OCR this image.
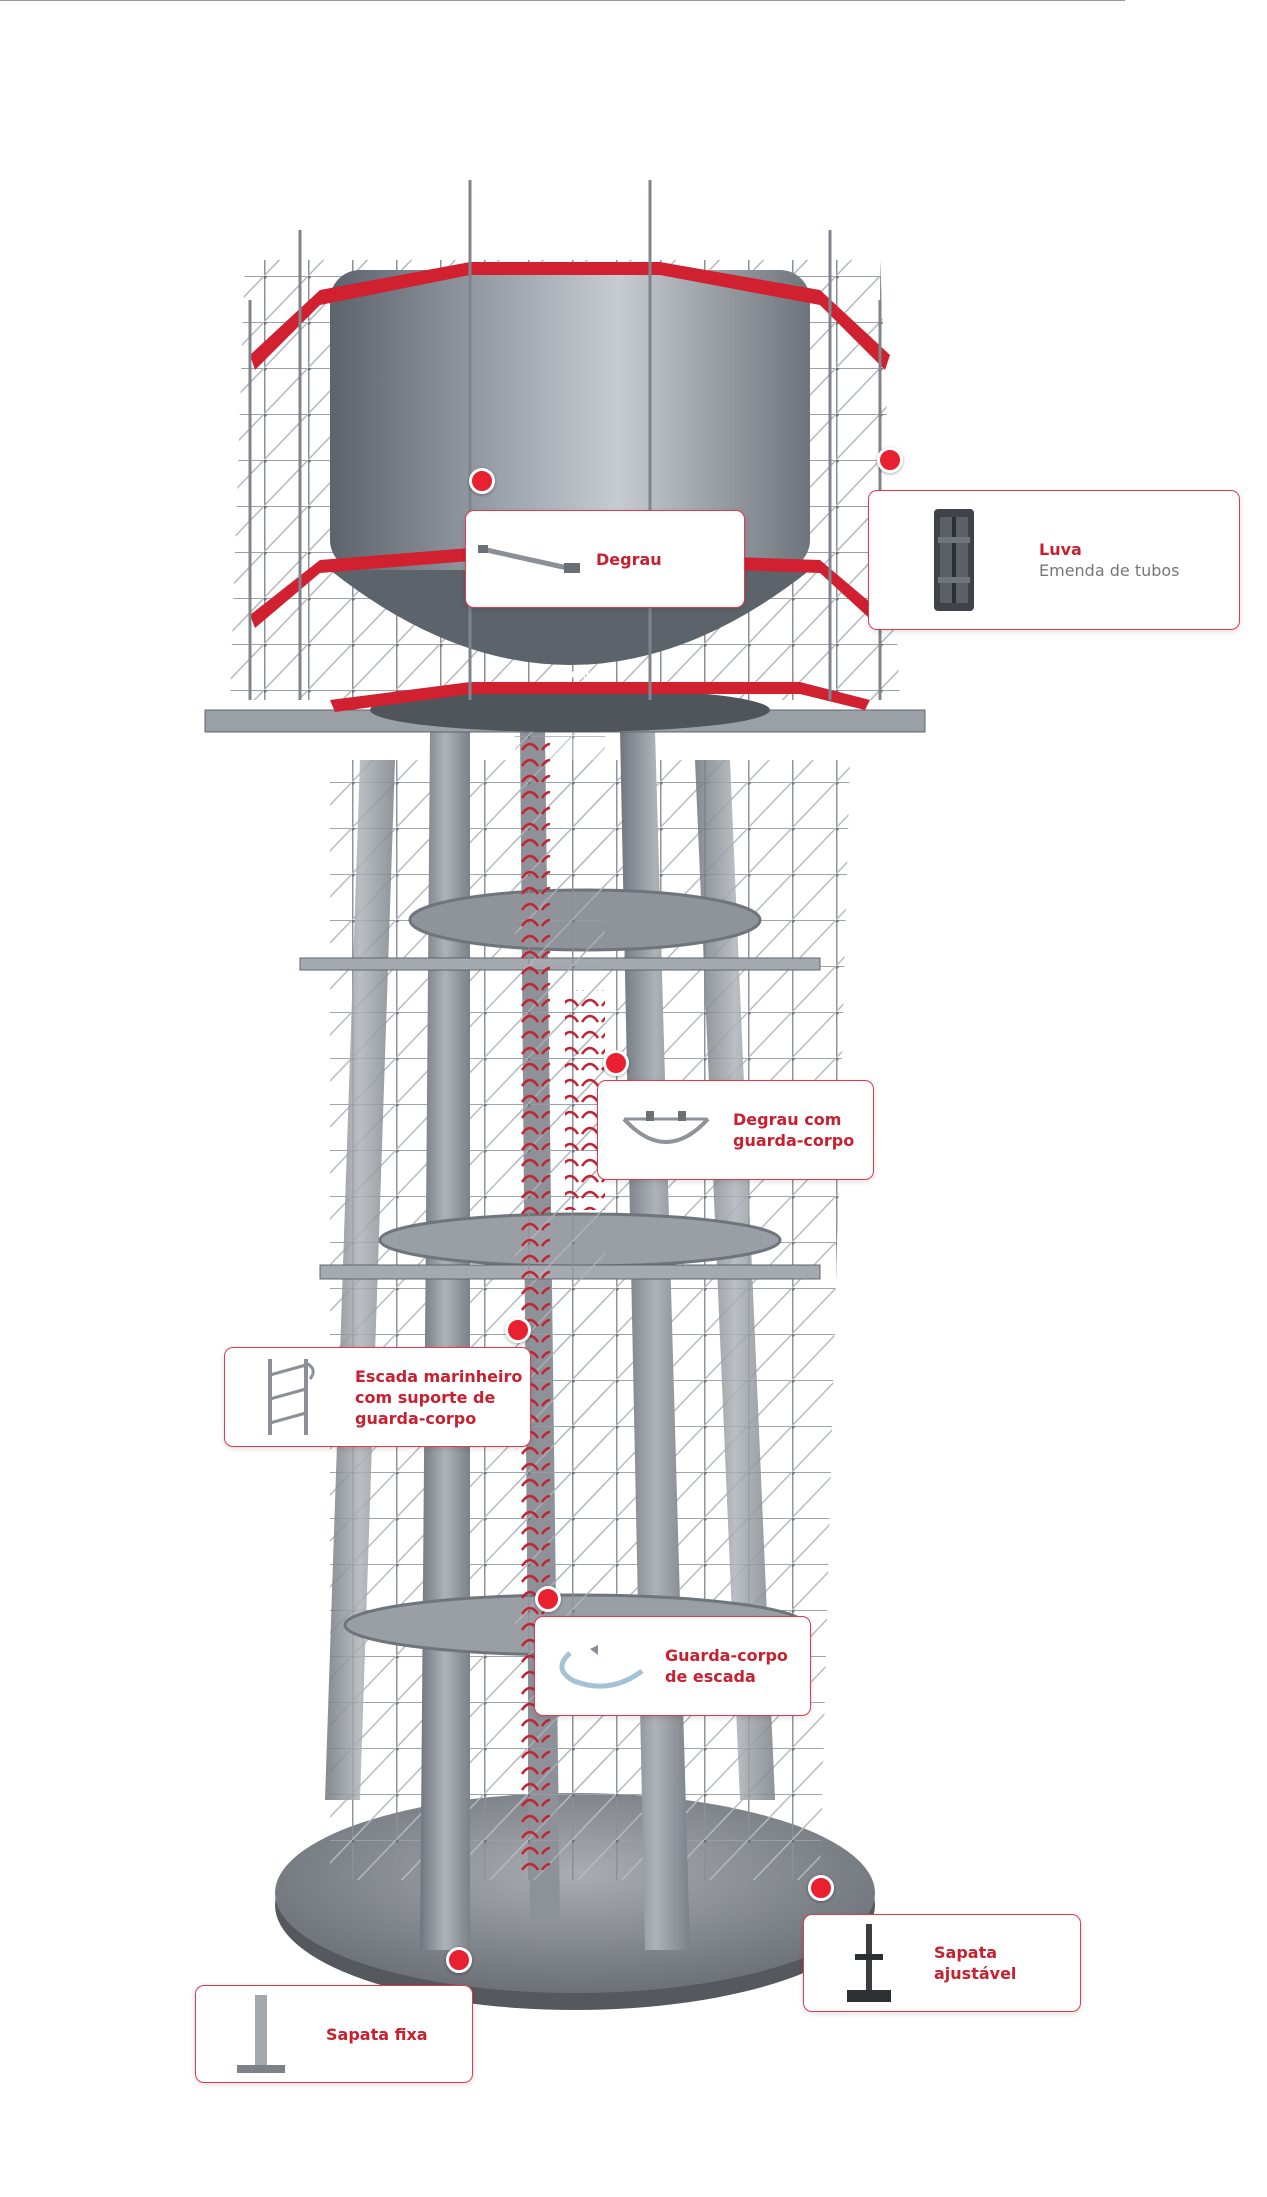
Metax
Metax
Degrau	Luva
Emenda de tubos
Degrau com
guarda-corpo
Escada marinheiro
com suporte de
guarda-corpo
Guarda-corpo
de escada
Sapata ajustável
Sapata fixa
